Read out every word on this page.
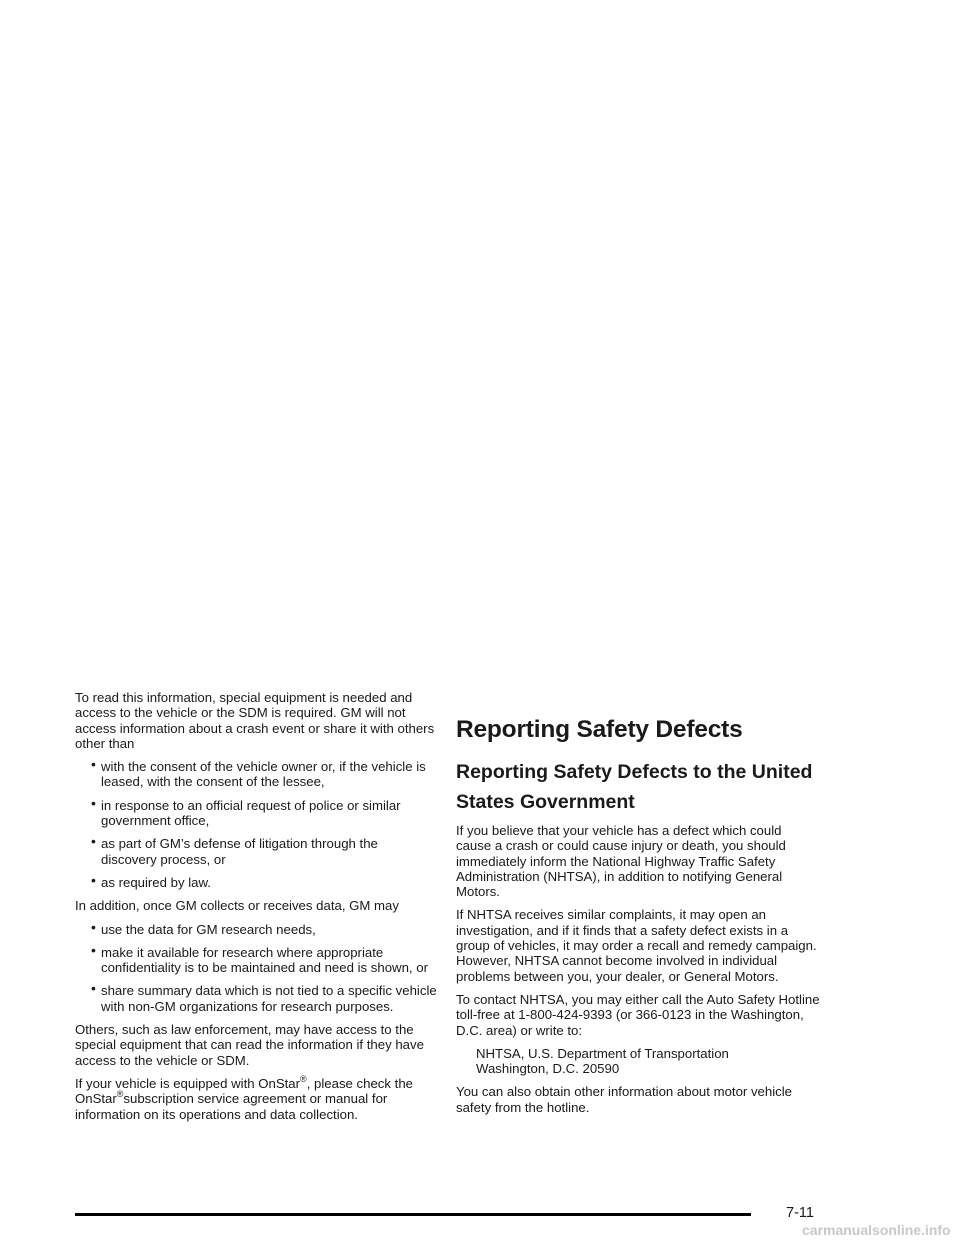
To read this information, special equipment is needed and access to the vehicle or the SDM is required. GM will not access information about a crash event or share it with others other than

• with the consent of the vehicle owner or, if the vehicle is leased, with the consent of the lessee,
• in response to an official request of police or similar government office,
• as part of GM’s defense of litigation through the discovery process, or
• as required by law.

In addition, once GM collects or receives data, GM may

• use the data for GM research needs,
• make it available for research where appropriate confidentiality is to be maintained and need is shown, or
• share summary data which is not tied to a specific vehicle with non-GM organizations for research purposes.

Others, such as law enforcement, may have access to the special equipment that can read the information if they have access to the vehicle or SDM.

If your vehicle is equipped with OnStar®, please check the OnStar®subscription service agreement or manual for information on its operations and data collection.

Reporting Safety Defects
Reporting Safety Defects to the United States Government

If you believe that your vehicle has a defect which could cause a crash or could cause injury or death, you should immediately inform the National Highway Traffic Safety Administration (NHTSA), in addition to notifying General Motors.

If NHTSA receives similar complaints, it may open an investigation, and if it finds that a safety defect exists in a group of vehicles, it may order a recall and remedy campaign. However, NHTSA cannot become involved in individual problems between you, your dealer, or General Motors.

To contact NHTSA, you may either call the Auto Safety Hotline toll-free at 1-800-424-9393 (or 366-0123 in the Washington, D.C. area) or write to:

NHTSA, U.S. Department of Transportation
Washington, D.C. 20590

You can also obtain other information about motor vehicle safety from the hotline.

7-11
carmanualsonline.info
